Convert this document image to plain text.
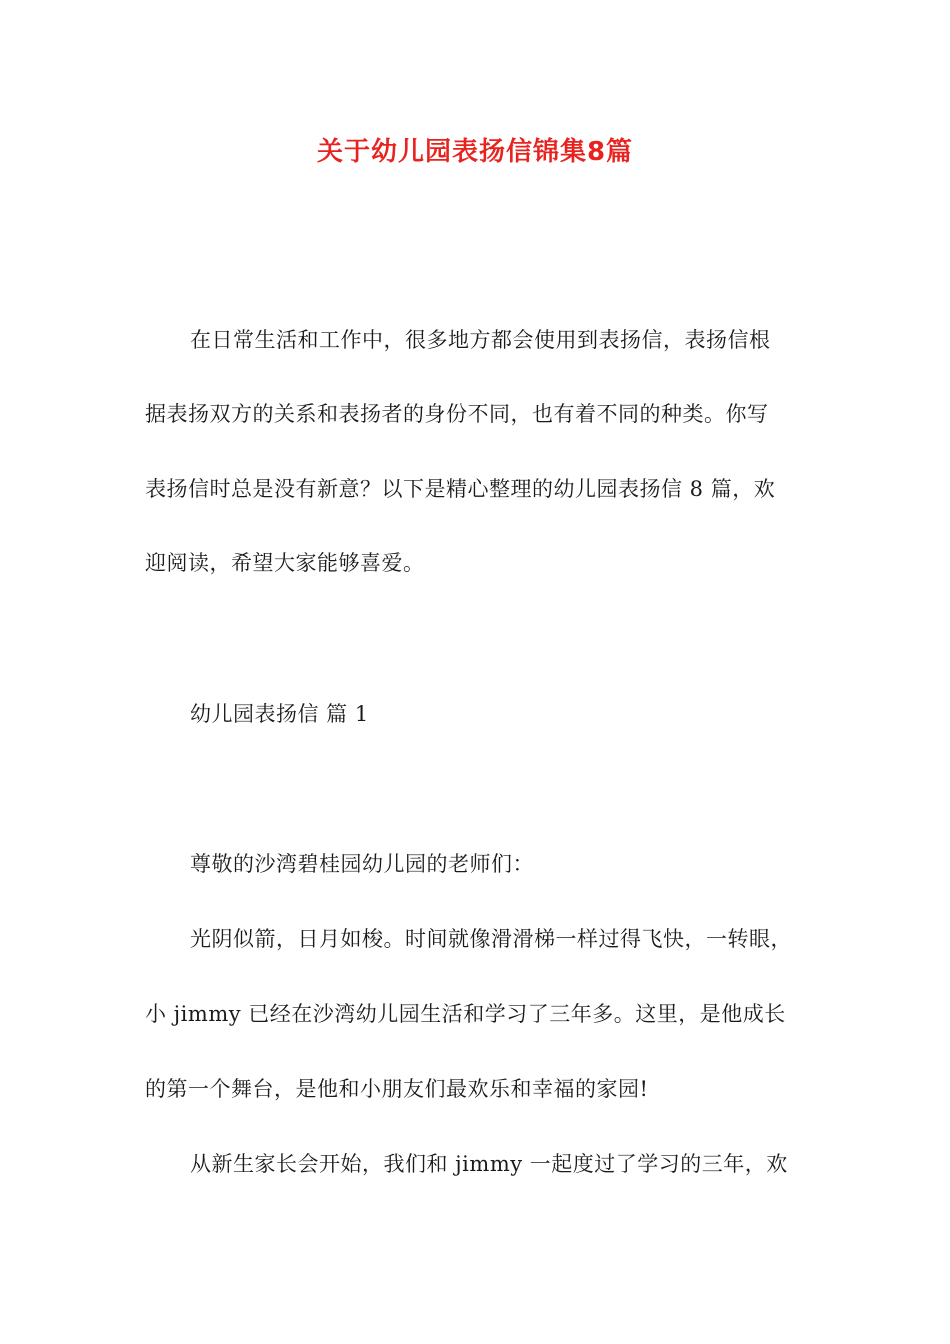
关于幼儿园表扬信锦集8篇
在日常生活和工作中，很多地方都会使用到表扬信，表扬信根
据表扬双方的关系和表扬者的身份不同，也有着不同的种类。你写
表扬信时总是没有新意？以下是精心整理的幼儿园表扬信 8 篇，欢
迎阅读，希望大家能够喜爱。
幼儿园表扬信 篇 1
尊敬的沙湾碧桂园幼儿园的老师们：
光阴似箭，日月如梭。时间就像滑滑梯一样过得飞快，一转眼，
小 jimmy 已经在沙湾幼儿园生活和学习了三年多。这里，是他成长
的第一个舞台，是他和小朋友们最欢乐和幸福的家园!
从新生家长会开始，我们和 jimmy 一起度过了学习的三年，欢
